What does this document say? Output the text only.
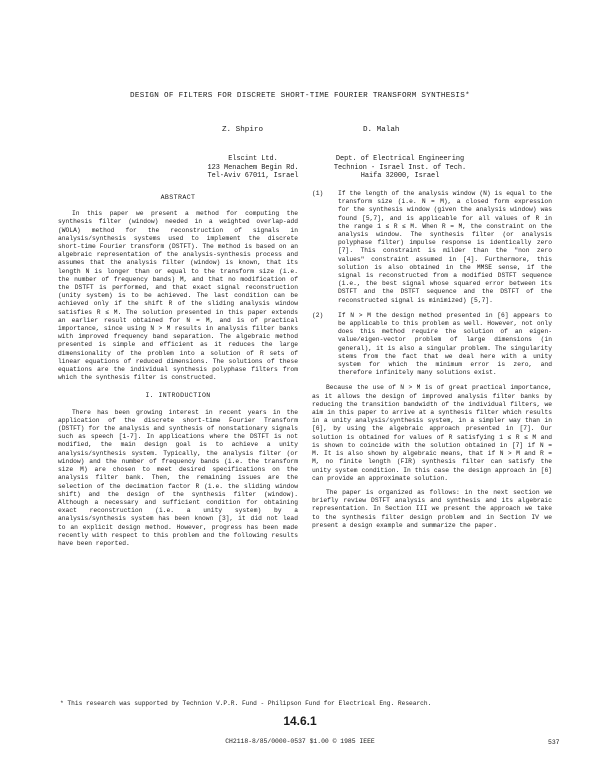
DESIGN OF FILTERS FOR DISCRETE SHORT-TIME FOURIER TRANSFORM SYNTHESIS*
Z. Shpiro	D. Malah
Elscint Ltd.
123 Menachem Begin Rd.
Tel-Aviv 67011, Israel
Dept. of Electrical Engineering
Technion - Israel Inst. of Tech.
Haifa 32000, Israel
ABSTRACT

In this paper we present a method for computing the synthesis filter (window) needed in a weighted overlap-add (WOLA) method for the reconstruction of signals in analysis/synthesis systems used to implement the discrete short-time Fourier transform (DSTFT). The method is based on an algebraic representation of the analysis-synthesis process and assumes that the analysis filter (window) is known, that its length N is longer than or equal to the transform size (i.e. the number of frequency bands) M, and that no modification of the DSTFT is performed, and that exact signal reconstruction (unity system) is to be achieved. The last condition can be achieved only if the shift R of the sliding analysis window satisfies R ≤ M. The solution presented in this paper extends an earlier result obtained for N = M, and is of practical importance, since using N > M results in analysis filter banks with improved frequency band separation. The algebraic method presented is simple and efficient as it reduces the large dimensionality of the problem into a solution of R sets of linear equations of reduced dimensions. The solutions of these equations are the individual synthesis polyphase filters from which the synthesis filter is constructed.

I. INTRODUCTION

There has been growing interest in recent years in the application of the discrete short-time Fourier Transform (DSTFT) for the analysis and synthesis of nonstationary signals such as speech [1-7]. In applications where the DSTFT is not modified, the main design goal is to achieve a unity analysis/synthesis system. Typically, the analysis filter (or window) and the number of frequency bands (i.e. the transform size M) are chosen to meet desired specifications on the analysis filter bank. Then, the remaining issues are the selection of the decimation factor R (i.e. the sliding window shift) and the design of the synthesis filter (window). Although a necessary and sufficient condition for obtaining exact reconstruction (i.e. a unity system) by a analysis/synthesis system has been known [3], it did not lead to an explicit design method. However, progress has been made recently with respect to this problem and the following results have been reported.

(1)	If the length of the analysis window (N) is equal to the transform size (i.e. N = M), a closed form expression for the synthesis window (given the analysis window) was found [5,7], and is applicable for all values of R in the range 1 ≤ R ≤ M. When R = M, the constraint on the analysis window. The synthesis filter (or analysis polyphase filter) impulse response is identically zero [7]. This constraint is milder than the "non zero values" constraint assumed in [4]. Furthermore, this solution is also obtained in the MMSE sense, if the signal is reconstructed from a modified DSTFT sequence (i.e., the best signal whose squared error between its DSTFT and the DSTFT sequence and the DSTFT of the reconstructed signal is minimized) [5,7].
(2)	If N > M the design method presented in [6] appears to be applicable to this problem as well. However, not only does this method require the solution of an eigen-value/eigen-vector problem of large dimensions (in general), it is also a singular problem. The singularity stems from the fact that we deal here with a unity system for which the minimum error is zero, and therefore infinitely many solutions exist.

Because the use of N > M is of great practical importance, as it allows the design of improved analysis filter banks by reducing the transition bandwidth of the individual filters, we aim in this paper to arrive at a synthesis filter which results in a unity analysis/synthesis system, in a simpler way than in [6], by using the algebraic approach presented in [7]. Our solution is obtained for values of R satisfying 1 ≤ R ≤ M and is shown to coincide with the solution obtained in [7] if N = M. It is also shown by algebraic means, that if N > M and R = M, no finite length (FIR) synthesis filter can satisfy the unity system condition. In this case the design approach in [6] can provide an approximate solution.

The paper is organized as follows: in the next section we briefly review DSTFT analysis and synthesis and its algebraic representation. In Section III we present the approach we take to the synthesis filter design problem and in Section IV we present a design example and summarize the paper.

* This research was supported by Technion V.P.R. Fund - Philipson Fund for Electrical Eng. Research.
14.6.1
CH2118-8/85/0000-0537 $1.00 © 1985 IEEE	537
